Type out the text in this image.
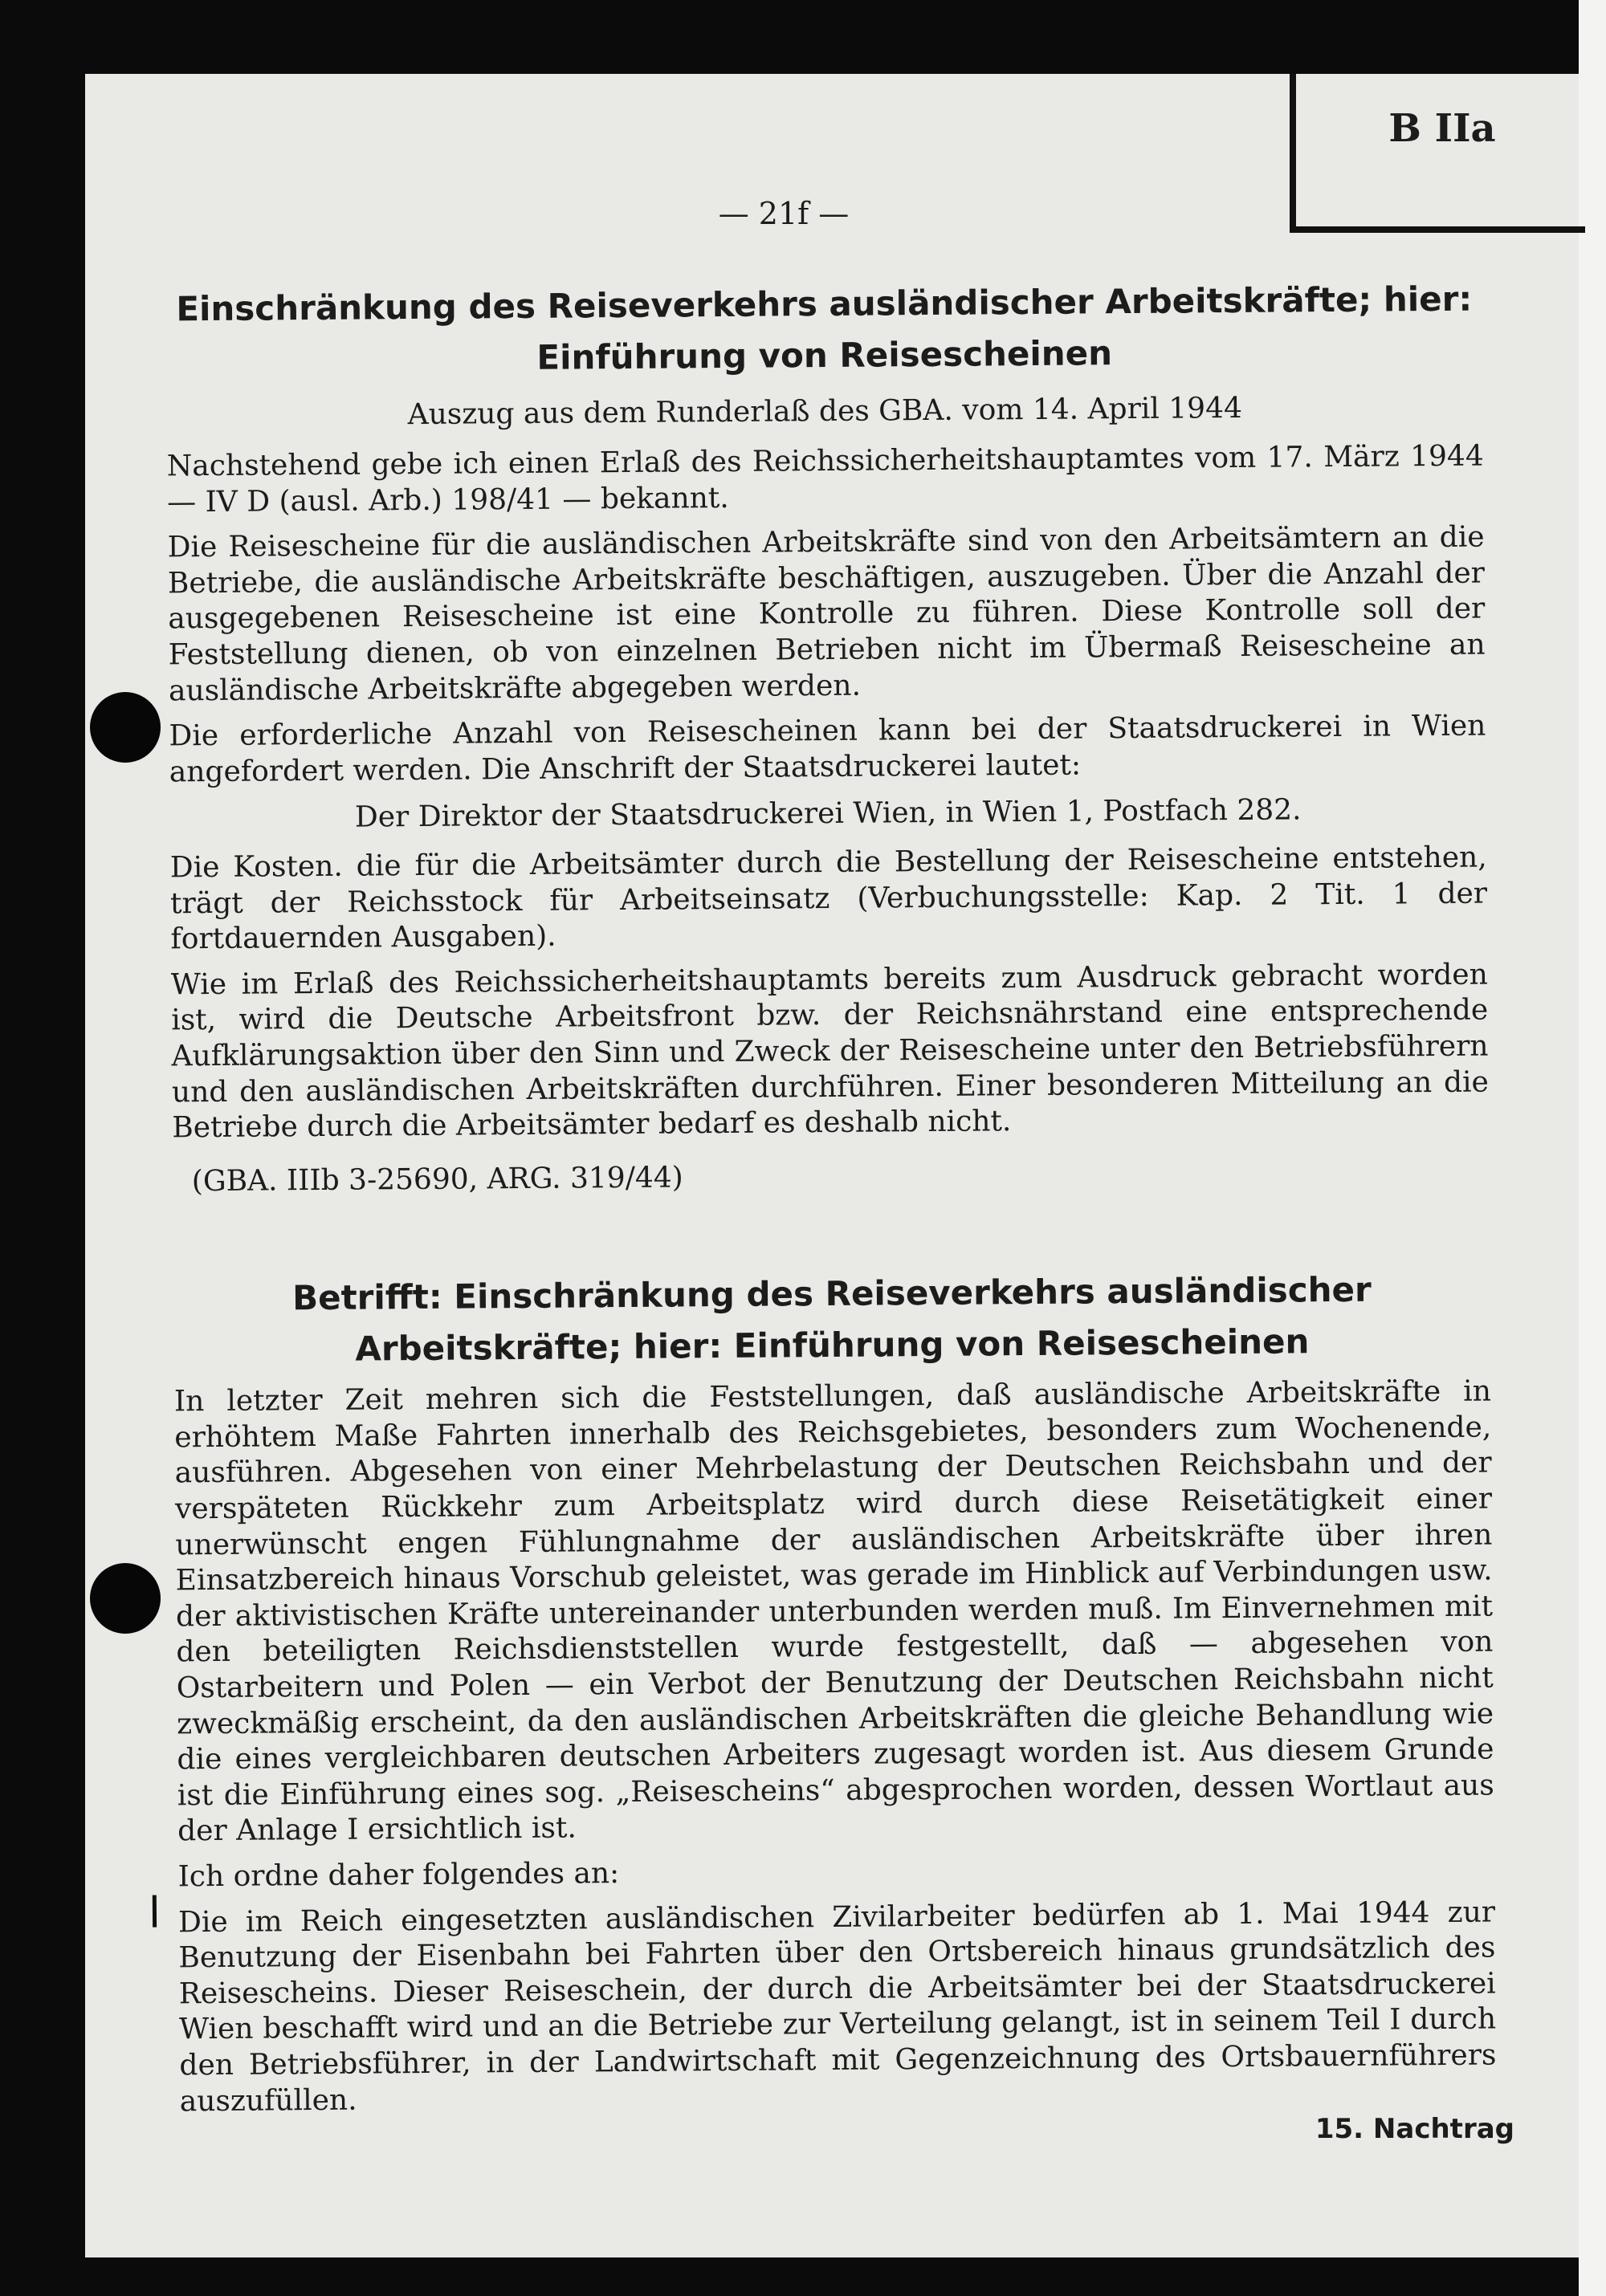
B IIa
— 21f —
Einschränkung des Reiseverkehrs ausländischer Arbeitskräfte; hier: Einführung von Reisescheinen
Auszug aus dem Runderlaß des GBA. vom 14. April 1944

Nachstehend gebe ich einen Erlaß des Reichssicherheitshauptamtes vom 17. März 1944 — IV D (ausl. Arb.) 198/41 — bekannt.

Die Reisescheine für die ausländischen Arbeitskräfte sind von den Arbeitsämtern an die Betriebe, die ausländische Arbeitskräfte beschäftigen, auszugeben. Über die Anzahl der ausgegebenen Reisescheine ist eine Kontrolle zu führen. Diese Kontrolle soll der Feststellung dienen, ob von einzelnen Betrieben nicht im Übermaß Reisescheine an ausländische Arbeitskräfte abgegeben werden.

Die erforderliche Anzahl von Reisescheinen kann bei der Staatsdruckerei in Wien angefordert werden. Die Anschrift der Staatsdruckerei lautet:

Der Direktor der Staatsdruckerei Wien, in Wien 1, Postfach 282.

Die Kosten. die für die Arbeitsämter durch die Bestellung der Reisescheine entstehen, trägt der Reichsstock für Arbeitseinsatz (Verbuchungsstelle: Kap. 2 Tit. 1 der fortdauernden Ausgaben).

Wie im Erlaß des Reichssicherheitshauptamts bereits zum Ausdruck gebracht worden ist, wird die Deutsche Arbeitsfront bzw. der Reichsnährstand eine entsprechende Aufklärungsaktion über den Sinn und Zweck der Reisescheine unter den Betriebsführern und den ausländischen Arbeitskräften durchführen. Einer besonderen Mitteilung an die Betriebe durch die Arbeitsämter bedarf es deshalb nicht.

(GBA. IIIb 3-25690, ARG. 319/44)

Betrifft: Einschränkung des Reiseverkehrs ausländischer Arbeitskräfte; hier: Einführung von Reisescheinen

In letzter Zeit mehren sich die Feststellungen, daß ausländische Arbeitskräfte in erhöhtem Maße Fahrten innerhalb des Reichsgebietes, besonders zum Wochenende, ausführen. Abgesehen von einer Mehrbelastung der Deutschen Reichsbahn und der verspäteten Rückkehr zum Arbeitsplatz wird durch diese Reisetätigkeit einer unerwünscht engen Fühlungnahme der ausländischen Arbeitskräfte über ihren Einsatzbereich hinaus Vorschub geleistet, was gerade im Hinblick auf Verbindungen usw. der aktivistischen Kräfte untereinander unterbunden werden muß. Im Einvernehmen mit den beteiligten Reichsdienststellen wurde festgestellt, daß — abgesehen von Ostarbeitern und Polen — ein Verbot der Benutzung der Deutschen Reichsbahn nicht zweckmäßig erscheint, da den ausländischen Arbeitskräften die gleiche Behandlung wie die eines vergleichbaren deutschen Arbeiters zugesagt worden ist. Aus diesem Grunde ist die Einführung eines sog. „Reisescheins“ abgesprochen worden, dessen Wortlaut aus der Anlage I ersichtlich ist.

Ich ordne daher folgendes an:

Die im Reich eingesetzten ausländischen Zivilarbeiter bedürfen ab 1. Mai 1944 zur Benutzung der Eisenbahn bei Fahrten über den Ortsbereich hinaus grundsätzlich des Reisescheins. Dieser Reiseschein, der durch die Arbeitsämter bei der Staatsdruckerei Wien beschafft wird und an die Betriebe zur Verteilung gelangt, ist in seinem Teil I durch den Betriebsführer, in der Landwirtschaft mit Gegenzeichnung des Ortsbauernführers auszufüllen.

15. Nachtrag
